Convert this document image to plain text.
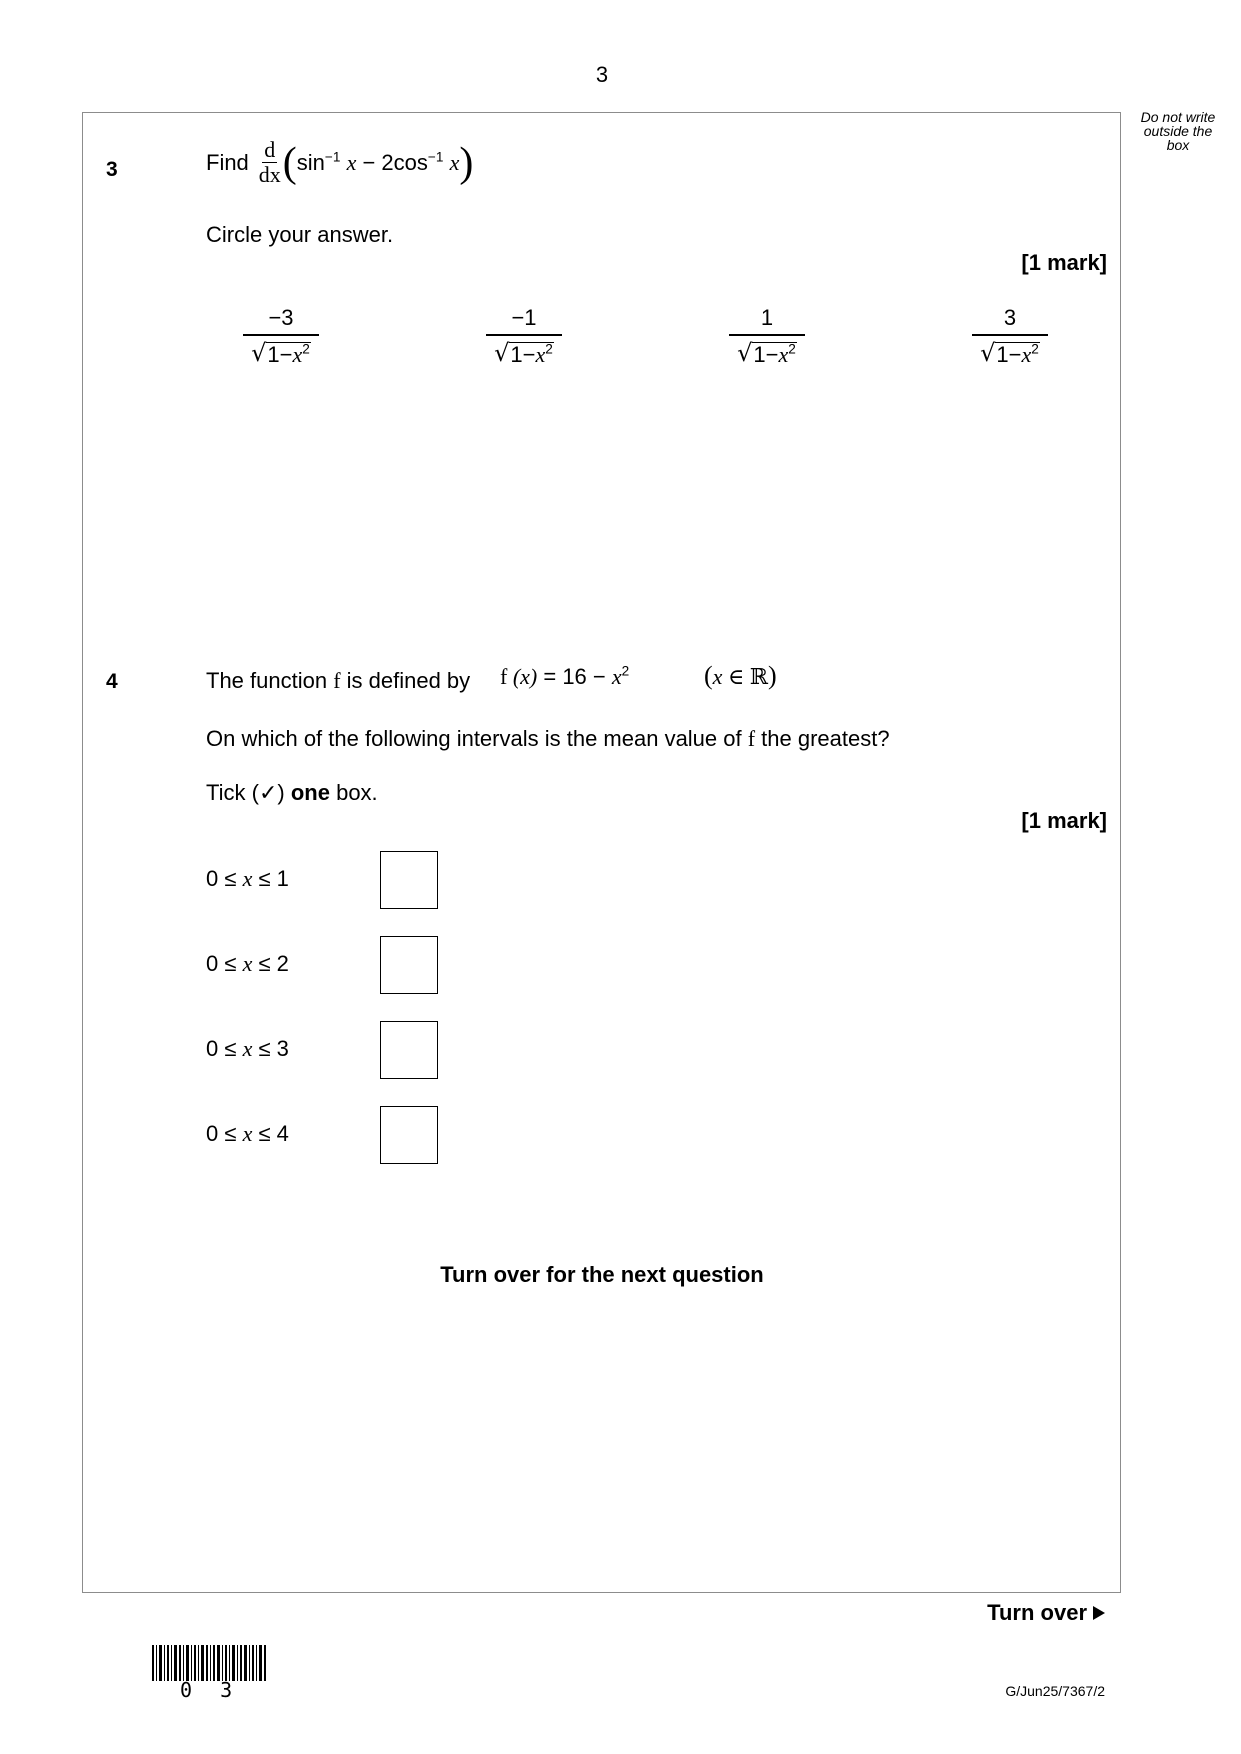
3
Do not write
outside the
box
3	Find $\frac{d}{dx}$ ( $\sin^{-1} x - 2\cos^{-1}$ x )
Circle your answer.
[1 mark]
−3
√ $1-x^2$
−1
√ $1-x^2$
1
√ $1-x^2$
3
√ $1-x^2$
4	The function f is defined by f $(x) = 16 - x^2$	(x ∈ ℝ)
On which of the following intervals is the mean value of f the greatest?
Tick (✓) one box.
[1 mark]
0 ≤ x ≤ 1
0 ≤ x ≤ 2
0 ≤ x ≤ 3
0 ≤ x ≤ 4
Turn over for the next question
Turn over
0 3	G/Jun25/7367/2
